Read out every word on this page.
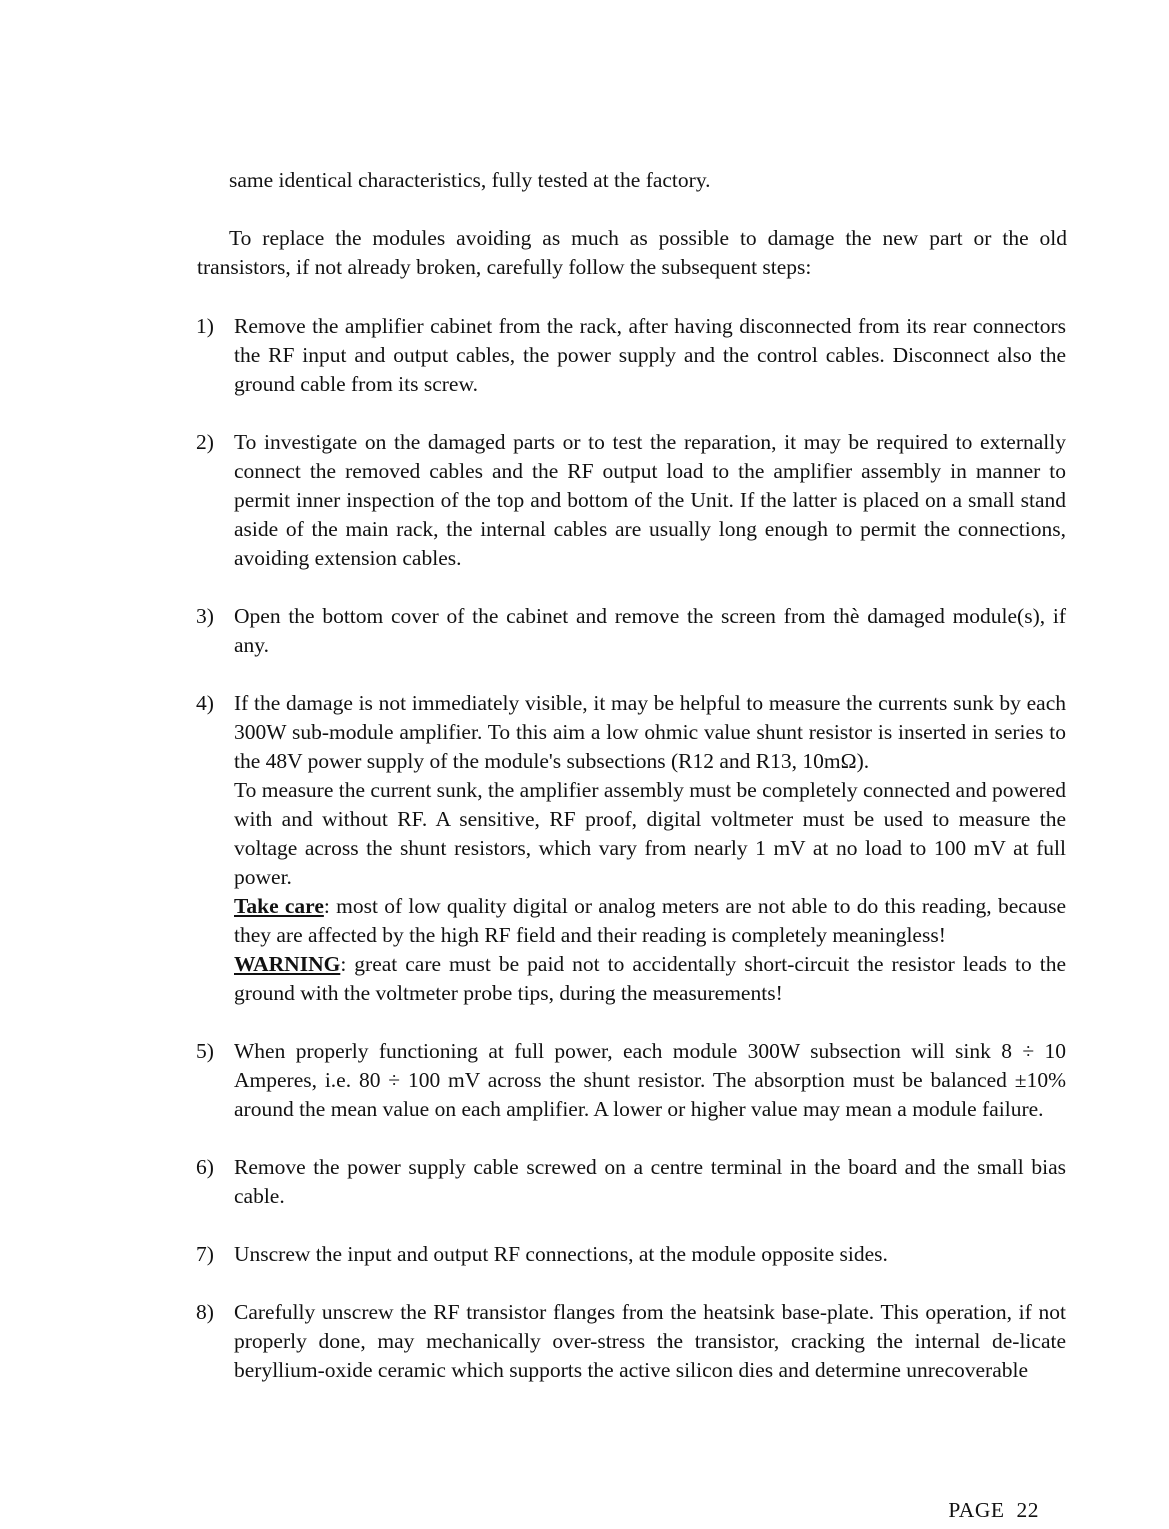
same identical characteristics, fully tested at the factory.

To replace the modules avoiding as much as possible to damage the new part or the old transistors, if not already broken, carefully follow the subsequent steps:

1) Remove the amplifier cabinet from the rack, after having disconnected from its rear connectors the RF input and output cables, the power supply and the control cables. Disconnect also the ground cable from its screw.
2) To investigate on the damaged parts or to test the reparation, it may be required to externally connect the removed cables and the RF output load to the amplifier assembly in manner to permit inner inspection of the top and bottom of the Unit. If the latter is placed on a small stand aside of the main rack, the internal cables are usually long enough to permit the connections, avoiding extension cables.
3) Open the bottom cover of the cabinet and remove the screen from thè damaged module(s), if any.
4) If the damage is not immediately visible, it may be helpful to measure the currents sunk by each 300W sub-module amplifier. To this aim a low ohmic value shunt resistor is inserted in series to the 48V power supply of the module's subsections (R12 and R13, 10mΩ).
To measure the current sunk, the amplifier assembly must be completely connected and powered with and without RF. A sensitive, RF proof, digital voltmeter must be used to measure the voltage across the shunt resistors, which vary from nearly 1 mV at no load to 100 mV at full power.
Take care: most of low quality digital or analog meters are not able to do this reading, because they are affected by the high RF field and their reading is completely meaningless!
WARNING: great care must be paid not to accidentally short-circuit the resistor leads to the ground with the voltmeter probe tips, during the measurements!
5) When properly functioning at full power, each module 300W subsection will sink 8 ÷ 10 Amperes, i.e. 80 ÷ 100 mV across the shunt resistor. The absorption must be balanced ±10% around the mean value on each amplifier. A lower or higher value may mean a module failure.
6) Remove the power supply cable screwed on a centre terminal in the board and the small bias cable.
7) Unscrew the input and output RF connections, at the module opposite sides.
8) Carefully unscrew the RF transistor flanges from the heatsink base-plate. This operation, if not properly done, may mechanically over-stress the transistor, cracking the internal de-licate beryllium-oxide ceramic which supports the active silicon dies and determine unrecoverable
PAGE 22
